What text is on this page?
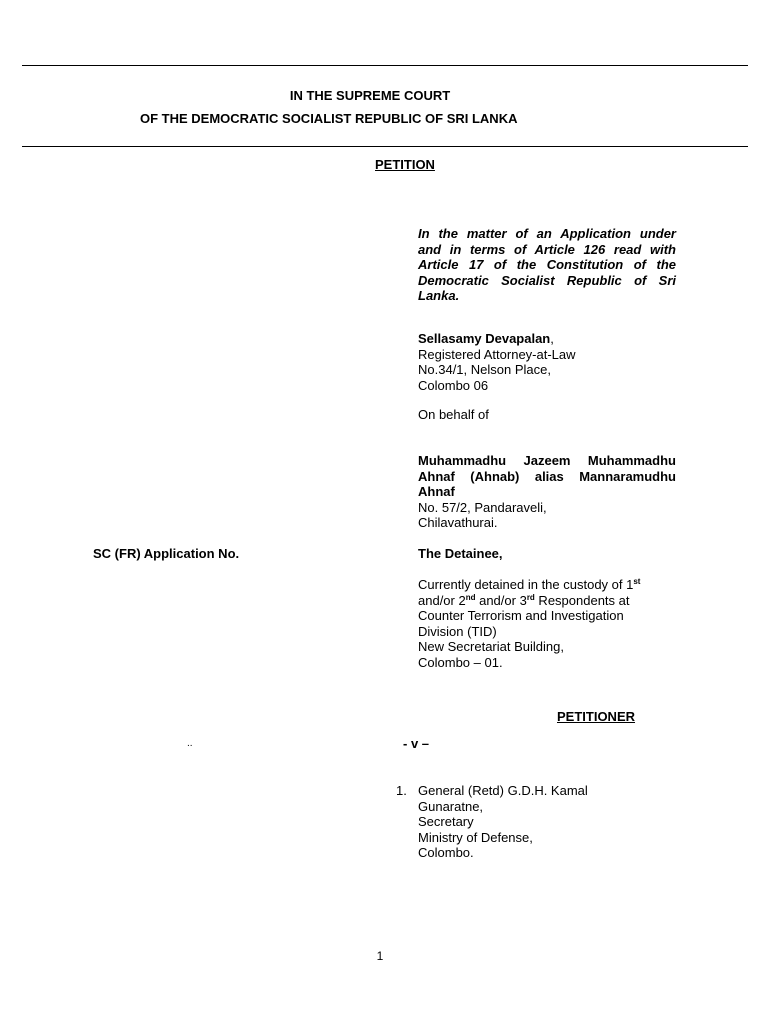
IN THE SUPREME COURT
OF THE DEMOCRATIC SOCIALIST REPUBLIC OF SRI LANKA
PETITION
In the matter of an Application under
and in terms of Article 126 read with
Article 17 of the Constitution of the
Democratic Socialist Republic of Sri
Lanka.
Sellasamy Devapalan,
Registered Attorney-at-Law
No.34/1, Nelson Place,
Colombo 06
On behalf of
Muhammadhu Jazeem Muhammadhu
Ahnaf (Ahnab) alias Mannaramudhu
Ahnaf
No. 57/2, Pandaraveli,
Chilavathurai.
SC (FR) Application No.	The Detainee,
Currently detained in the custody of 1st
and/or 2nd and/or 3rd Respondents at
Counter Terrorism and Investigation
Division (TID)
New Secretariat Building,
Colombo – 01.
PETITIONER
..	- v –
1. General (Retd) G.D.H. Kamal
Gunaratne,
Secretary
Ministry of Defense,
Colombo.
1
